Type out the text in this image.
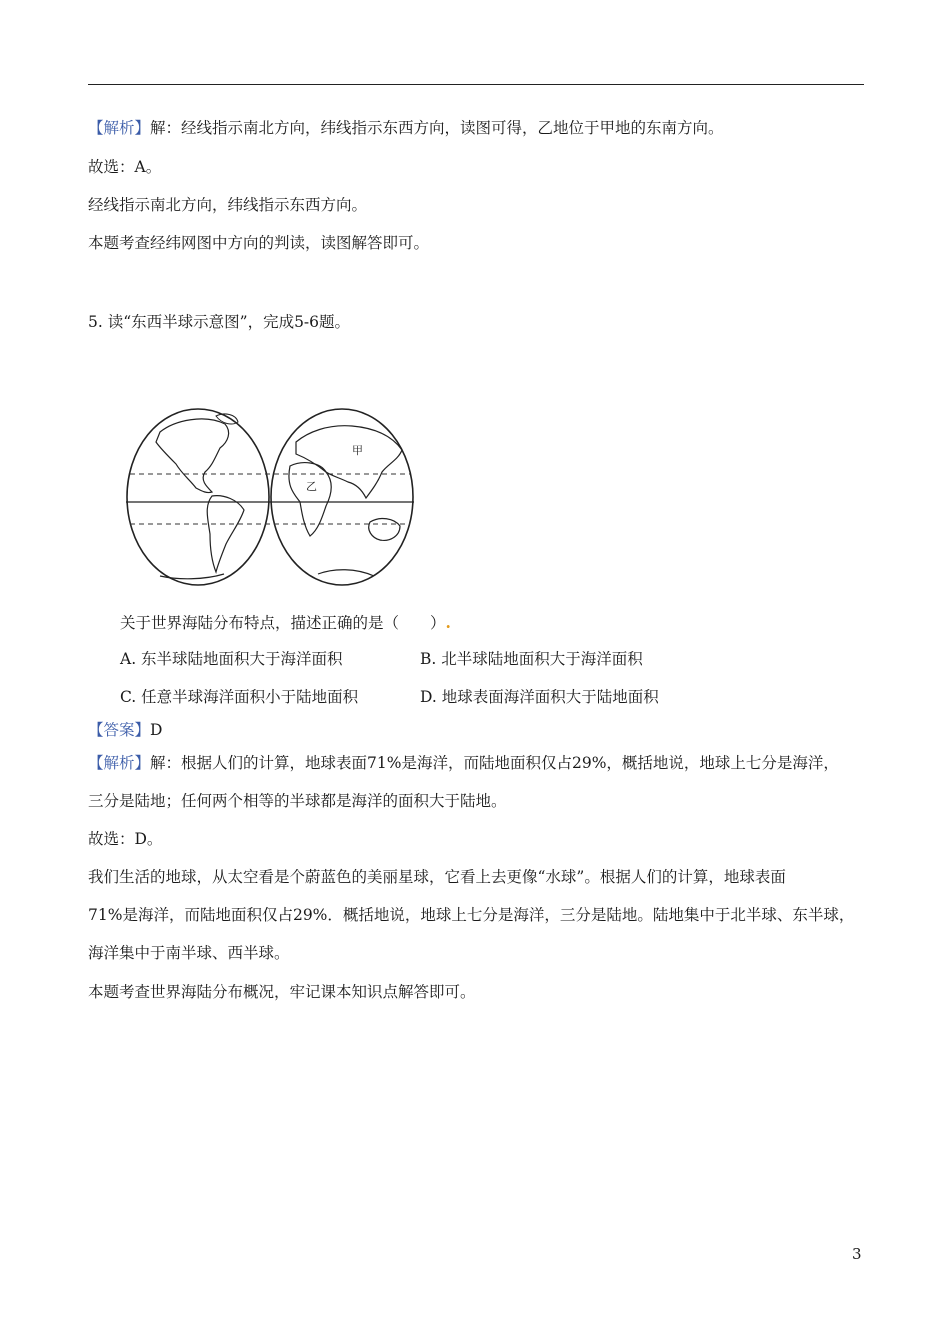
【解析】解：经线指示南北方向，纬线指示东西方向，读图可得，乙地位于甲地的东南方向。
故选：A。
经线指示南北方向，纬线指示东西方向。
本题考查经纬网图中方向的判读，读图解答即可。
5. 读“东西半球示意图”，完成5-6题。
甲
乙
关于世界海陆分布特点，描述正确的是（　　）.
A. 东半球陆地面积大于海洋面积	B. 北半球陆地面积大于海洋面积
C. 任意半球海洋面积小于陆地面积	D. 地球表面海洋面积大于陆地面积
【答案】D
【解析】解：根据人们的计算，地球表面71%是海洋，而陆地面积仅占29%，概括地说，地球上七分是海洋，
三分是陆地；任何两个相等的半球都是海洋的面积大于陆地。
故选：D。
我们生活的地球，从太空看是个蔚蓝色的美丽星球，它看上去更像“水球”。根据人们的计算，地球表面
71%是海洋，而陆地面积仅占29%．概括地说，地球上七分是海洋，三分是陆地。陆地集中于北半球、东半球，
海洋集中于南半球、西半球。
本题考查世界海陆分布概况，牢记课本知识点解答即可。
3
